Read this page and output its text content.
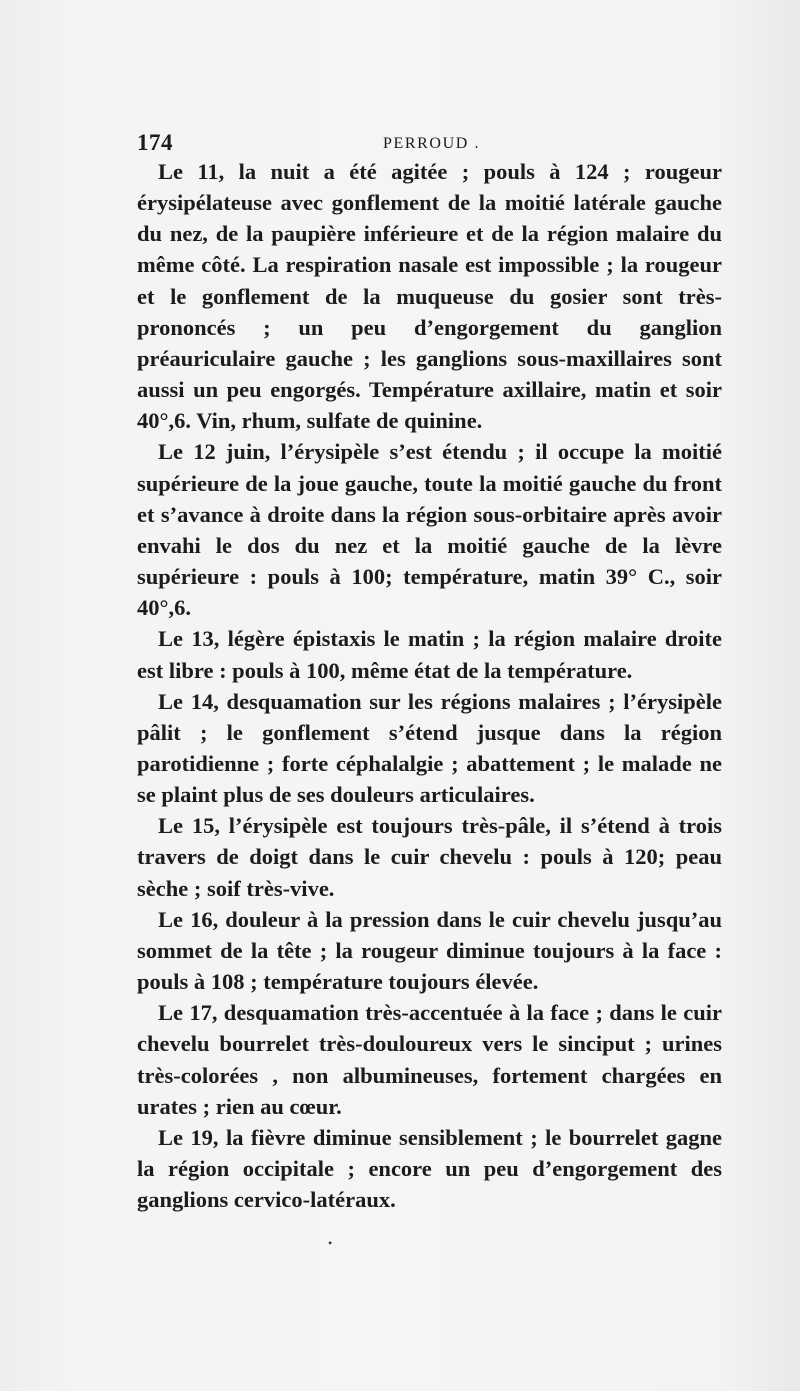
174	PERROUD .

Le 11, la nuit a été agitée ; pouls à 124 ; rougeur érysipélateuse avec gonflement de la moitié latérale gauche du nez, de la paupière inférieure et de la région malaire du même côté. La respiration nasale est impossible ; la rougeur et le gonflement de la muqueuse du gosier sont très-prononcés ; un peu d’engorgement du ganglion préauriculaire gauche ; les ganglions sous-maxillaires sont aussi un peu engorgés. Température axillaire, matin et soir 40°,6. Vin, rhum, sulfate de quinine.

Le 12 juin, l’érysipèle s’est étendu ; il occupe la moitié supérieure de la joue gauche, toute la moitié gauche du front et s’avance à droite dans la région sous-orbitaire après avoir envahi le dos du nez et la moitié gauche de la lèvre supérieure : pouls à 100; température, matin 39° C., soir 40°,6.

Le 13, légère épistaxis le matin ; la région malaire droite est libre : pouls à 100, même état de la température.

Le 14, desquamation sur les régions malaires ; l’érysipèle pâlit ; le gonflement s’étend jusque dans la région parotidienne ; forte céphalalgie ; abattement ; le malade ne se plaint plus de ses douleurs articulaires.

Le 15, l’érysipèle est toujours très-pâle, il s’étend à trois travers de doigt dans le cuir chevelu : pouls à 120; peau sèche ; soif très-vive.

Le 16, douleur à la pression dans le cuir chevelu jusqu’au sommet de la tête ; la rougeur diminue toujours à la face : pouls à 108 ; température toujours élevée.

Le 17, desquamation très-accentuée à la face ; dans le cuir chevelu bourrelet très-douloureux vers le sinciput ; urines très-colorées , non albumineuses, fortement chargées en urates ; rien au cœur.

Le 19, la fièvre diminue sensiblement ; le bourrelet gagne la région occipitale ; encore un peu d’engorgement des ganglions cervico-latéraux.

•
